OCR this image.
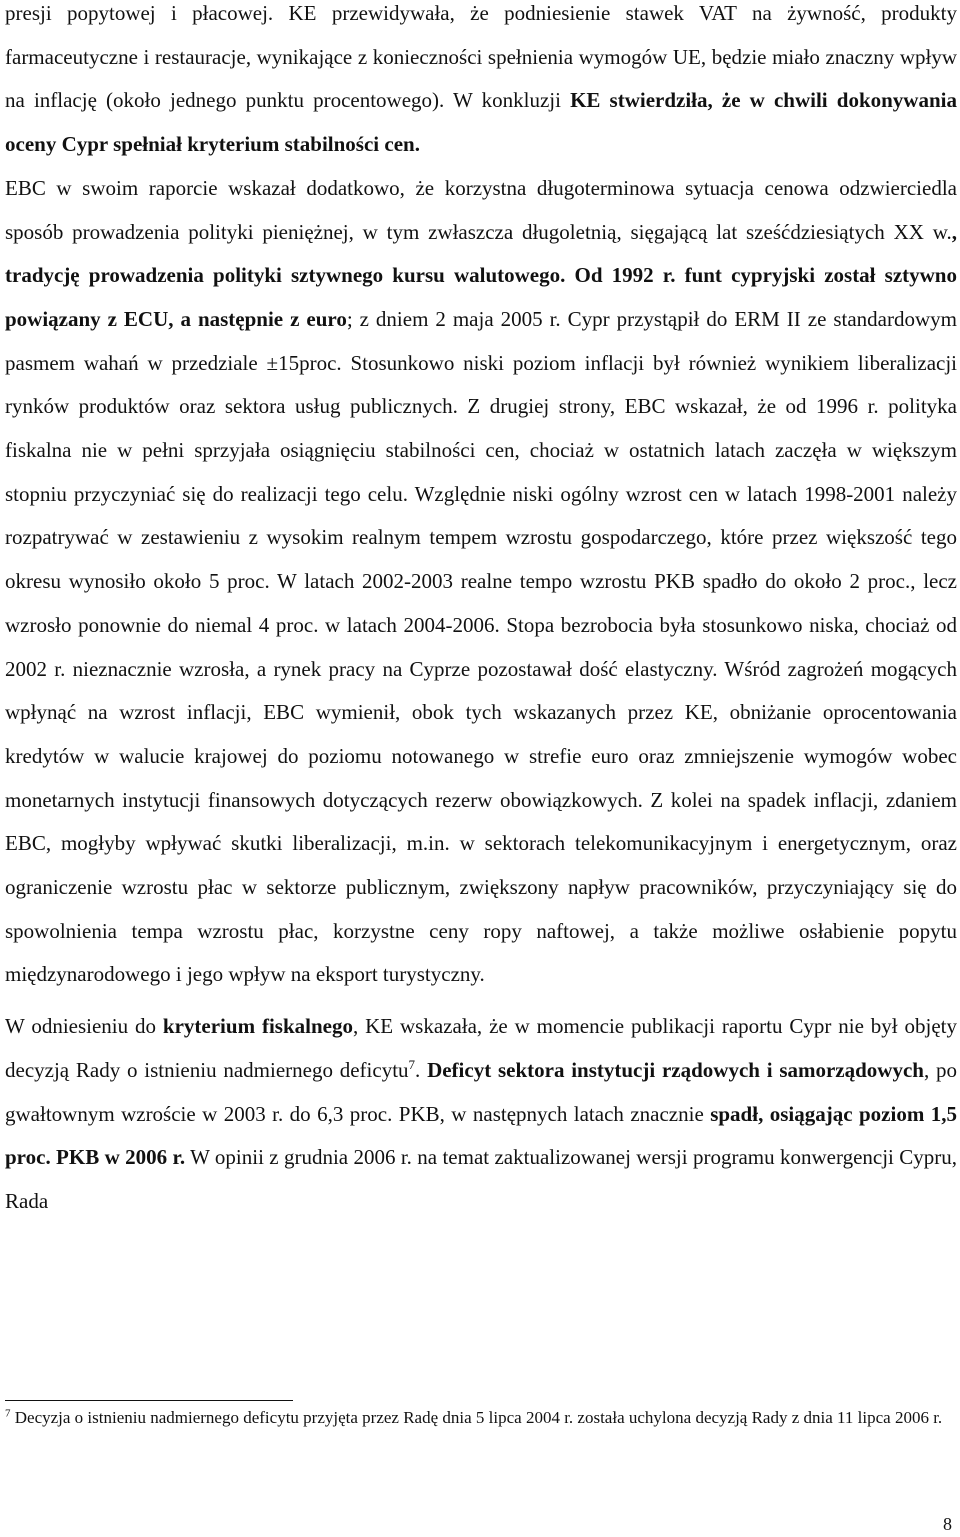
presji popytowej i płacowej. KE przewidywała, że podniesienie stawek VAT na żywność, produkty farmaceutyczne i restauracje, wynikające z konieczności spełnienia wymogów UE, będzie miało znaczny wpływ na inflację (około jednego punktu procentowego). W konkluzji KE stwierdziła, że w chwili dokonywania oceny Cypr spełniał kryterium stabilności cen.

EBC w swoim raporcie wskazał dodatkowo, że korzystna długoterminowa sytuacja cenowa odzwierciedla sposób prowadzenia polityki pieniężnej, w tym zwłaszcza długoletnią, sięgającą lat sześćdziesiątych XX w., tradycję prowadzenia polityki sztywnego kursu walutowego. Od 1992 r. funt cypryjski został sztywno powiązany z ECU, a następnie z euro; z dniem 2 maja 2005 r. Cypr przystąpił do ERM II ze standardowym pasmem wahań w przedziale ±15proc. Stosunkowo niski poziom inflacji był również wynikiem liberalizacji rynków produktów oraz sektora usług publicznych. Z drugiej strony, EBC wskazał, że od 1996 r. polityka fiskalna nie w pełni sprzyjała osiągnięciu stabilności cen, chociaż w ostatnich latach zaczęła w większym stopniu przyczyniać się do realizacji tego celu. Względnie niski ogólny wzrost cen w latach 1998-2001 należy rozpatrywać w zestawieniu z wysokim realnym tempem wzrostu gospodarczego, które przez większość tego okresu wynosiło około 5 proc. W latach 2002-2003 realne tempo wzrostu PKB spadło do około 2 proc., lecz wzrosło ponownie do niemal 4 proc. w latach 2004-2006. Stopa bezrobocia była stosunkowo niska, chociaż od 2002 r. nieznacznie wzrosła, a rynek pracy na Cyprze pozostawał dość elastyczny. Wśród zagrożeń mogących wpłynąć na wzrost inflacji, EBC wymienił, obok tych wskazanych przez KE, obniżanie oprocentowania kredytów w walucie krajowej do poziomu notowanego w strefie euro oraz zmniejszenie wymogów wobec monetarnych instytucji finansowych dotyczących rezerw obowiązkowych. Z kolei na spadek inflacji, zdaniem EBC, mogłyby wpływać skutki liberalizacji, m.in. w sektorach telekomunikacyjnym i energetycznym, oraz ograniczenie wzrostu płac w sektorze publicznym, zwiększony napływ pracowników, przyczyniający się do spowolnienia tempa wzrostu płac, korzystne ceny ropy naftowej, a także możliwe osłabienie popytu międzynarodowego i jego wpływ na eksport turystyczny.

W odniesieniu do kryterium fiskalnego, KE wskazała, że w momencie publikacji raportu Cypr nie był objęty decyzją Rady o istnieniu nadmiernego deficytu$^7$. Deficyt sektora instytucji rządowych i samorządowych, po gwałtownym wzroście w 2003 r. do 6,3 proc. PKB, w następnych latach znacznie spadł, osiągając poziom 1,5 proc. PKB w 2006 r. W opinii z grudnia 2006 r. na temat zaktualizowanej wersji programu konwergencji Cypru, Rada

$^7$ Decyzja o istnieniu nadmiernego deficytu przyjęta przez Radę dnia 5 lipca 2004 r. została uchylona decyzją Rady z dnia 11 lipca 2006 r.

8
